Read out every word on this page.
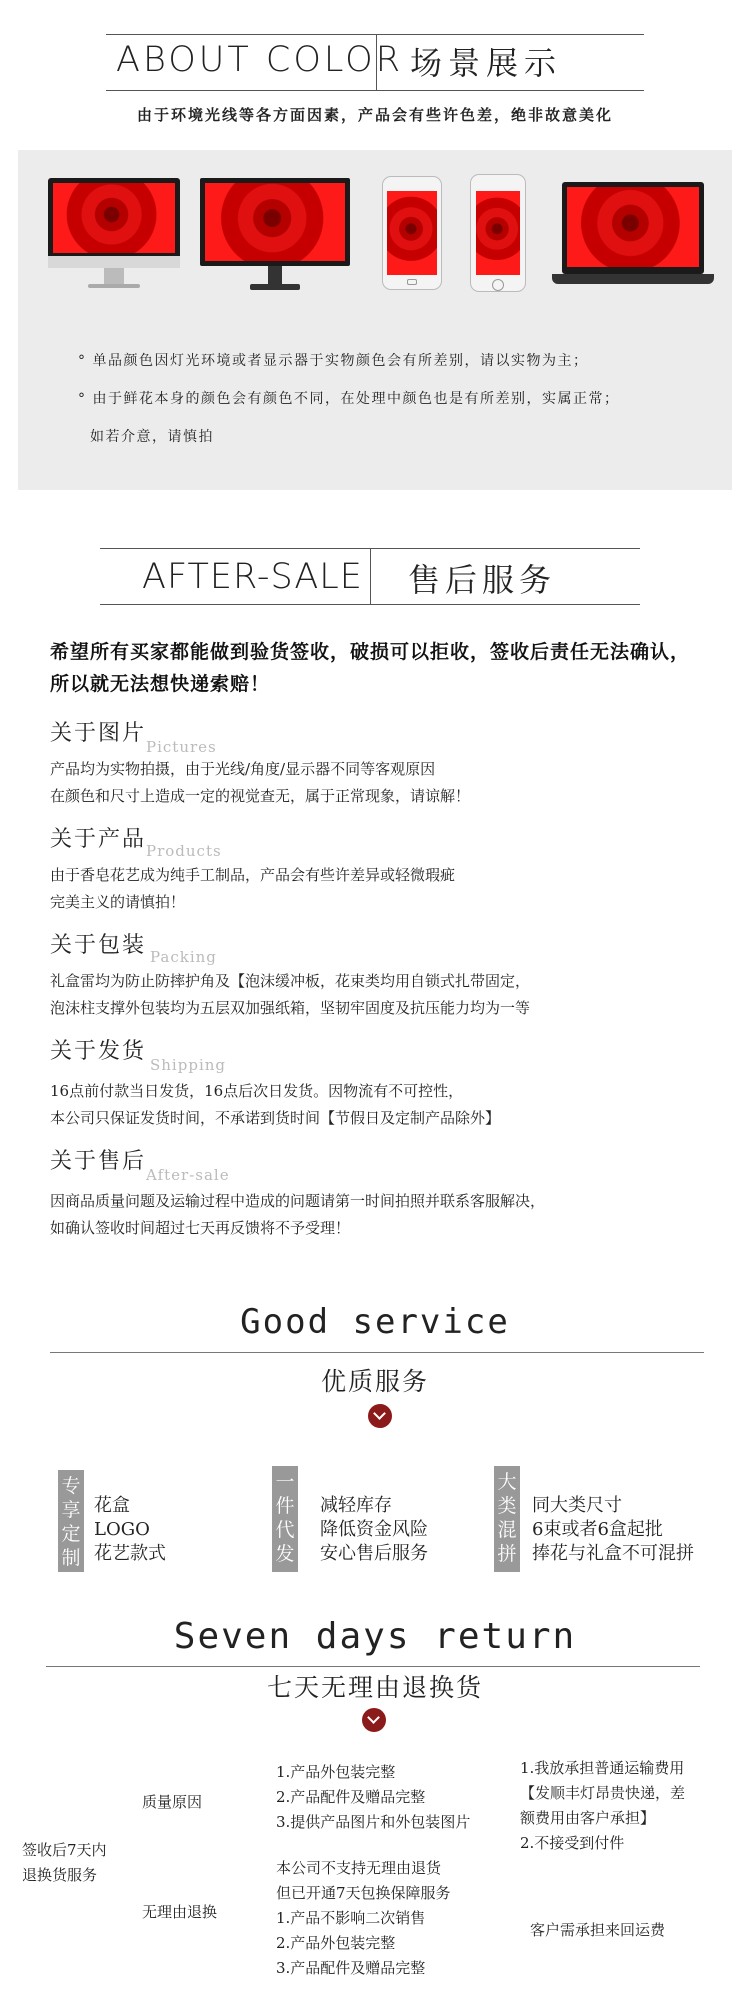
ABOUT COLOR 场景展示
由于环境光线等各方面因素，产品会有些许色差，绝非故意美化
° 单品颜色因灯光环境或者显示器于实物颜色会有所差别，请以实物为主；
° 由于鲜花本身的颜色会有颜色不同，在处理中颜色也是有所差别，实属正常；
如若介意，请慎拍
AFTER-SALE 售后服务
希望所有买家都能做到验货签收，破损可以拒收，签收后责任无法确认，
所以就无法想快递索赔！
关于图片
Pictures
产品均为实物拍摄，由于光线/角度/显示器不同等客观原因
在颜色和尺寸上造成一定的视觉查无，属于正常现象，请谅解！
关于产品 Products
由于香皂花艺成为纯手工制品，产品会有些许差异或轻微瑕疵
完美主义的请慎拍！
关于包装 Packing
礼盒雷均为防止防摔护角及【泡沫缓冲板，花束类均用自锁式扎带固定，
泡沫柱支撑外包装均为五层双加强纸箱，坚韧牢固度及抗压能力均为一等
关于发货
Shipping
16点前付款当日发货，16点后次日发货。因物流有不可控性，
本公司只保证发货时间，不承诺到货时间【节假日及定制产品除外】
关于售后
After-sale
因商品质量问题及运输过程中造成的问题请第一时间拍照并联系客服解决，
如确认签收时间超过七天再反馈将不予受理！
Good service
优质服务
专享定制
花盒
LOGO
花艺款式
一件代发
减轻库存
降低资金风险
安心售后服务
大类混拼
同大类尺寸
6束或者6盒起批
捧花与礼盒不可混拼
Seven days return
七天无理由退换货
签收后7天内
退换货服务
质量原因
1.产品外包装完整
2.产品配件及赠品完整
3.提供产品图片和外包装图片
1.我放承担普通运输费用
【发顺丰灯昂贵快递，差
额费用由客户承担】
2.不接受到付件
无理由退换
本公司不支持无理由退货
但已开通7天包换保障服务
1.产品不影响二次销售
2.产品外包装完整
3.产品配件及赠品完整
客户需承担来回运费
